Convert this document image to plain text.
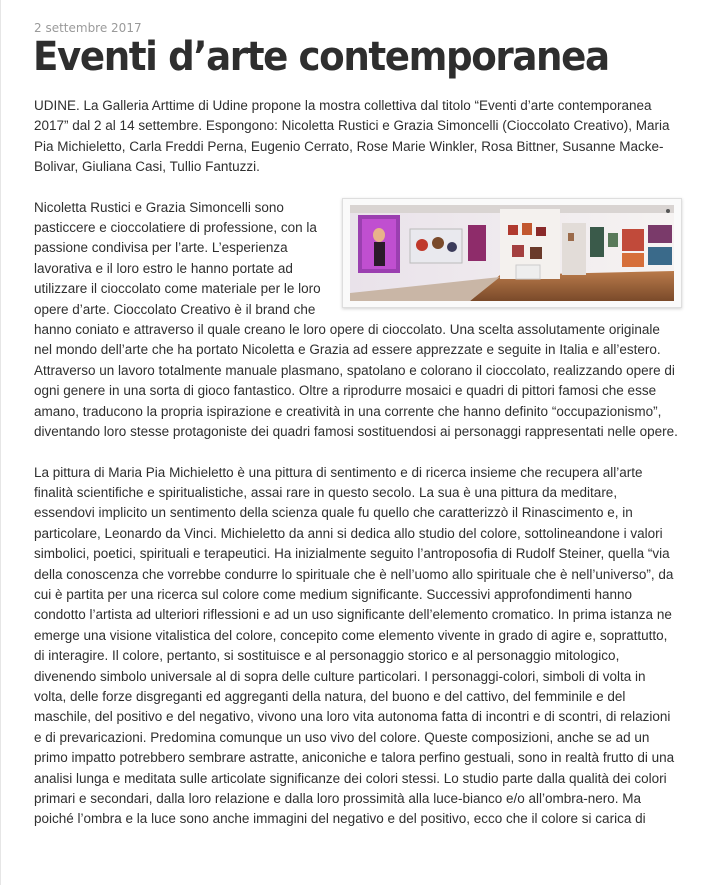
2 settembre 2017
Eventi d’arte contemporanea

UDINE. La Galleria Arttime di Udine propone la mostra collettiva dal titolo “Eventi d’arte contemporanea 2017” dal 2 al 14 settembre. Espongono: Nicoletta Rustici e Grazia Simoncelli (Cioccolato Creativo), Maria Pia Michieletto, Carla Freddi Perna, Eugenio Cerrato, Rose Marie Winkler, Rosa Bittner, Susanne Macke-Bolivar, Giuliana Casi, Tullio Fantuzzi.

Nicoletta Rustici e Grazia Simoncelli sono pasticcere e cioccolatiere di professione, con la passione condivisa per l’arte. L’esperienza lavorativa e il loro estro le hanno portate ad utilizzare il cioccolato come materiale per le loro opere d’arte. Cioccolato Creativo è il brand che hanno coniato e attraverso il quale creano le loro opere di cioccolato. Una scelta assolutamente originale nel mondo dell’arte che ha portato Nicoletta e Grazia ad essere apprezzate e seguite in Italia e all’estero. Attraverso un lavoro totalmente manuale plasmano, spatolano e colorano il cioccolato, realizzando opere di ogni genere in una sorta di gioco fantastico. Oltre a riprodurre mosaici e quadri di pittori famosi che esse amano, traducono la propria ispirazione e creatività in una corrente che hanno definito “occupazionismo”, diventando loro stesse protagoniste dei quadri famosi sostituendosi ai personaggi rappresentati nelle opere.

La pittura di Maria Pia Michieletto è una pittura di sentimento e di ricerca insieme che recupera all’arte finalità scientifiche e spiritualistiche, assai rare in questo secolo. La sua è una pittura da meditare, essendovi implicito un sentimento della scienza quale fu quello che caratterizzò il Rinascimento e, in particolare, Leonardo da Vinci. Michieletto da anni si dedica allo studio del colore, sottolineandone i valori simbolici, poetici, spirituali e terapeutici. Ha inizialmente seguito l’antroposofia di Rudolf Steiner, quella “via della conoscenza che vorrebbe condurre lo spirituale che è nell’uomo allo spirituale che è nell’universo”, da cui è partita per una ricerca sul colore come medium significante. Successivi approfondimenti hanno condotto l’artista ad ulteriori riflessioni e ad un uso significante dell’elemento cromatico. In prima istanza ne emerge una visione vitalistica del colore, concepito come elemento vivente in grado di agire e, soprattutto, di interagire. Il colore, pertanto, si sostituisce e al personaggio storico e al personaggio mitologico, divenendo simbolo universale al di sopra delle culture particolari. I personaggi-colori, simboli di volta in volta, delle forze disgreganti ed aggreganti della natura, del buono e del cattivo, del femminile e del maschile, del positivo e del negativo, vivono una loro vita autonoma fatta di incontri e di scontri, di relazioni e di prevaricazioni. Predomina comunque un uso vivo del colore. Queste composizioni, anche se ad un primo impatto potrebbero sembrare astratte, aniconiche e talora perfino gestuali, sono in realtà frutto di una analisi lunga e meditata sulle articolate significanze dei colori stessi. Lo studio parte dalla qualità dei colori primari e secondari, dalla loro relazione e dalla loro prossimità alla luce-bianco e/o all’ombra-nero. Ma poiché l’ombra e la luce sono anche immagini del negativo e del positivo, ecco che il colore si carica di
